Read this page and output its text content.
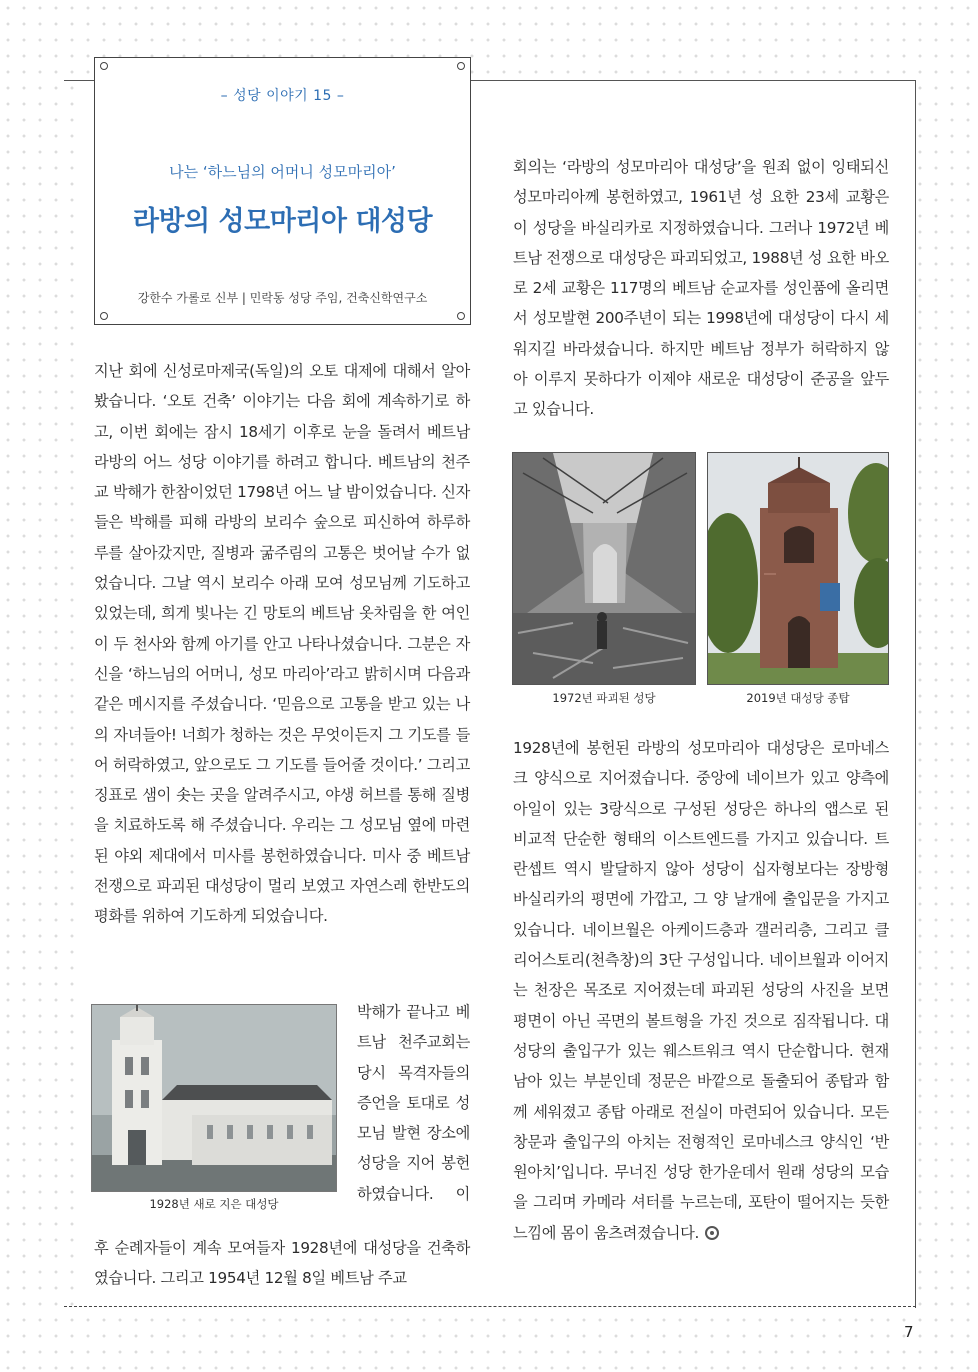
– 성당 이야기 15 –
나는 ‘하느님의 어머니 성모마리아’
라방의 성모마리아 대성당
강한수 가롤로 신부 | 민락동 성당 주임, 건축신학연구소
지난 회에 신성로마제국(독일)의 오토 대제에 대해서 알아봤습니다. ‘오토 건축’ 이야기는 다음 회에 계속하기로 하고, 이번 회에는 잠시 18세기 이후로 눈을 돌려서 베트남 라방의 어느 성당 이야기를 하려고 합니다. 베트남의 천주교 박해가 한참이었던 1798년 어느 날 밤이었습니다. 신자들은 박해를 피해 라방의 보리수 숲으로 피신하여 하루하루를 살아갔지만, 질병과 굶주림의 고통은 벗어날 수가 없었습니다. 그날 역시 보리수 아래 모여 성모님께 기도하고 있었는데, 희게 빛나는 긴 망토의 베트남 옷차림을 한 여인이 두 천사와 함께 아기를 안고 나타나셨습니다. 그분은 자신을 ‘하느님의 어머니, 성모 마리아’라고 밝히시며 다음과 같은 메시지를 주셨습니다. ‘믿음으로 고통을 받고 있는 나의 자녀들아! 너희가 청하는 것은 무엇이든지 그 기도를 들어 허락하였고, 앞으로도 그 기도를 들어줄 것이다.’ 그리고 징표로 샘이 솟는 곳을 알려주시고, 야생 허브를 통해 질병을 치료하도록 해 주셨습니다. 우리는 그 성모님 옆에 마련된 야외 제대에서 미사를 봉헌하였습니다. 미사 중 베트남 전쟁으로 파괴된 대성당이 멀리 보였고 자연스레 한반도의 평화를 위하여 기도하게 되었습니다.
1928년 새로 지은 대성당
박해가 끝나고 베트남 천주교회는 당시 목격자들의 증언을 토대로 성모님 발현 장소에 성당을 지어 봉헌하였습니다. 이
후 순례자들이 계속 모여들자 1928년에 대성당을 건축하였습니다. 그리고 1954년 12월 8일 베트남 주교
회의는 ‘라방의 성모마리아 대성당’을 원죄 없이 잉태되신 성모마리아께 봉헌하였고, 1961년 성 요한 23세 교황은 이 성당을 바실리카로 지정하였습니다. 그러나 1972년 베트남 전쟁으로 대성당은 파괴되었고, 1988년 성 요한 바오로 2세 교황은 117명의 베트남 순교자를 성인품에 올리면서 성모발현 200주년이 되는 1998년에 대성당이 다시 세워지길 바라셨습니다. 하지만 베트남 정부가 허락하지 않아 이루지 못하다가 이제야 새로운 대성당이 준공을 앞두고 있습니다.
1972년 파괴된 성당	2019년 대성당 종탑
1928년에 봉헌된 라방의 성모마리아 대성당은 로마네스크 양식으로 지어졌습니다. 중앙에 네이브가 있고 양측에 아일이 있는 3랑식으로 구성된 성당은 하나의 앱스로 된 비교적 단순한 형태의 이스트엔드를 가지고 있습니다. 트란셉트 역시 발달하지 않아 성당이 십자형보다는 장방형 바실리카의 평면에 가깝고, 그 양 날개에 출입문을 가지고 있습니다. 네이브월은 아케이드층과 갤러리층, 그리고 클리어스토리(천측창)의 3단 구성입니다. 네이브월과 이어지는 천장은 목조로 지어졌는데 파괴된 성당의 사진을 보면 평면이 아닌 곡면의 볼트형을 가진 것으로 짐작됩니다. 대성당의 출입구가 있는 웨스트워크 역시 단순합니다. 현재 남아 있는 부분인데 정문은 바깥으로 돌출되어 종탑과 함께 세워졌고 종탑 아래로 전실이 마련되어 있습니다. 모든 창문과 출입구의 아치는 전형적인 로마네스크 양식인 ‘반원아치’입니다. 무너진 성당 한가운데서 원래 성당의 모습을 그리며 카메라 셔터를 누르는데, 포탄이 떨어지는 듯한 느낌에 몸이 움츠려졌습니다.
7
